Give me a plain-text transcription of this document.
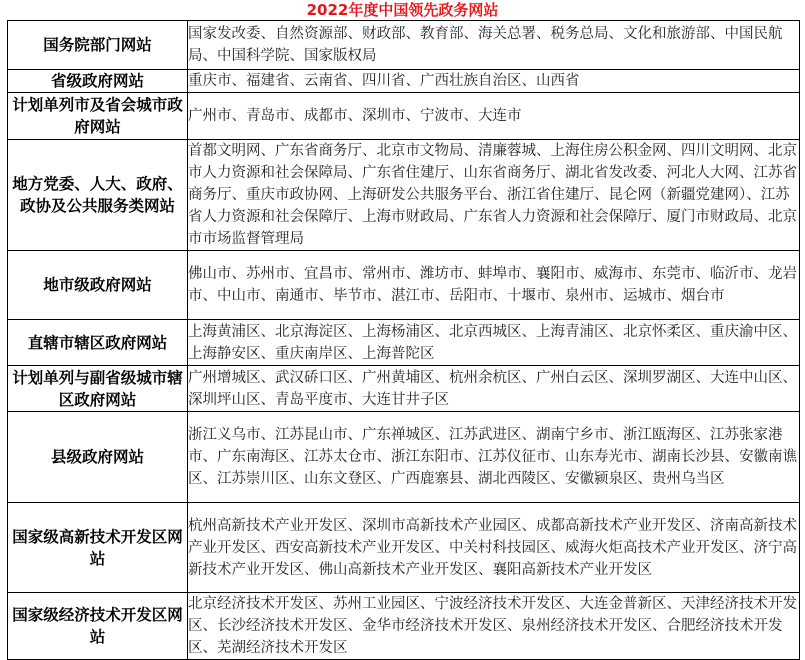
2022年度中国领先政务网站
国务院部门网站	国家发改委、自然资源部、财政部、教育部、海关总署、税务总局、文化和旅游部、中国民航局、中国科学院、国家版权局
省级政府网站	重庆市、福建省、云南省、四川省、广西壮族自治区、山西省
计划单列市及省会城市政府网站	广州市、青岛市、成都市、深圳市、宁波市、大连市
地方党委、人大、政府、政协及公共服务类网站	首都文明网、广东省商务厅、北京市文物局、清廉蓉城、上海住房公积金网、四川文明网、北京市人力资源和社会保障局、广东省住建厅、山东省商务厅、湖北省发改委、河北人大网、江苏省商务厅、重庆市政协网、上海研发公共服务平台、浙江省住建厅、昆仑网（新疆党建网）、江苏省人力资源和社会保障厅、上海市财政局、广东省人力资源和社会保障厅、厦门市财政局、北京市市场监督管理局
地市级政府网站	佛山市、苏州市、宜昌市、常州市、潍坊市、蚌埠市、襄阳市、威海市、东莞市、临沂市、龙岩市、中山市、南通市、毕节市、湛江市、岳阳市、十堰市、泉州市、运城市、烟台市
直辖市辖区政府网站	上海黄浦区、北京海淀区、上海杨浦区、北京西城区、上海青浦区、北京怀柔区、重庆渝中区、上海静安区、重庆南岸区、上海普陀区
计划单列与副省级城市辖区政府网站	广州增城区、武汉硚口区、广州黄埔区、杭州余杭区、广州白云区、深圳罗湖区、大连中山区、深圳坪山区、青岛平度市、大连甘井子区
县级政府网站	浙江义乌市、江苏昆山市、广东禅城区、江苏武进区、湖南宁乡市、浙江瓯海区、江苏张家港市、广东南海区、江苏太仓市、浙江东阳市、江苏仪征市、山东寿光市、湖南长沙县、安徽南谯区、江苏崇川区、山东文登区、广西鹿寨县、湖北西陵区、安徽颍泉区、贵州乌当区
国家级高新技术开发区网站	杭州高新技术产业开发区、深圳市高新技术产业园区、成都高新技术产业开发区、济南高新技术产业开发区、西安高新技术产业开发区、中关村科技园区、威海火炬高技术产业开发区、济宁高新技术产业开发区、佛山高新技术产业开发区、襄阳高新技术产业开发区
国家级经济技术开发区网站	北京经济技术开发区、苏州工业园区、宁波经济技术开发区、大连金普新区、天津经济技术开发区、长沙经济技术开发区、金华市经济技术开发区、泉州经济技术开发区、合肥经济技术开发区、芜湖经济技术开发区
